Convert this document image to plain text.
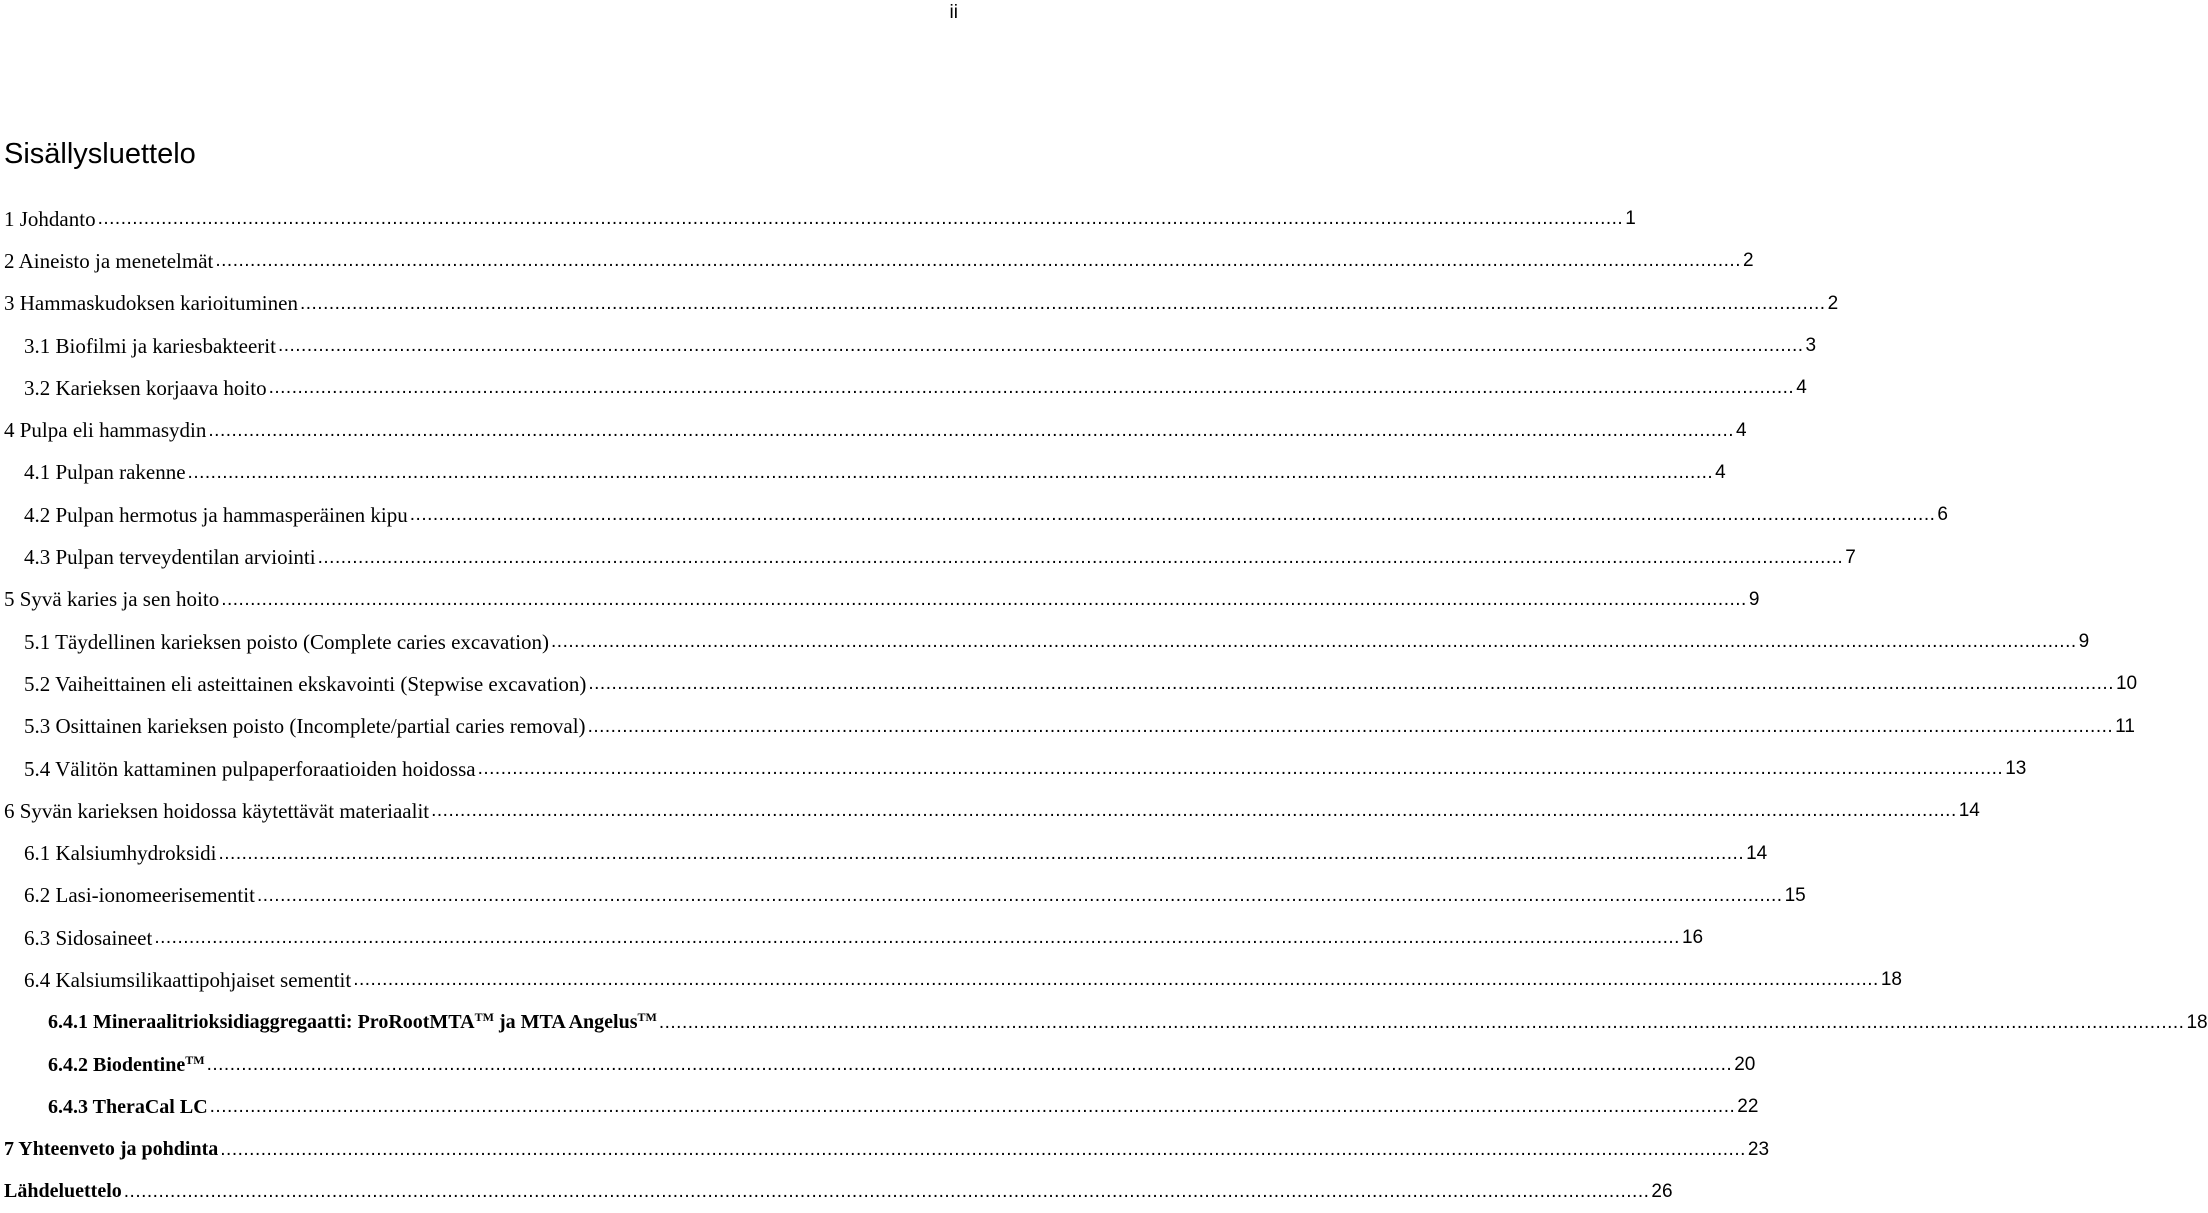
ii
Sisällysluettelo
1 Johdanto .....	1
2 Aineisto ja menetelmät .....	2
3 Hammaskudoksen karioituminen .....	2
3.1 Biofilmi ja kariesbakteerit .....	3
3.2 Karieksen korjaava hoito .....	4
4 Pulpa eli hammasydin .....	4
4.1 Pulpan rakenne .....	4
4.2 Pulpan hermotus ja hammasperäinen kipu .....	6
4.3 Pulpan terveydentilan arviointi .....	7
5 Syvä karies ja sen hoito .....	9
5.1 Täydellinen karieksen poisto (Complete caries excavation) .....	9
5.2 Vaiheittainen eli asteittainen ekskavointi (Stepwise excavation) .....	10
5.3 Osittainen karieksen poisto (Incomplete/partial caries removal) .....	11
5.4 Välitön kattaminen pulpaperforaatioiden hoidossa .....	13
6 Syvän karieksen hoidossa käytettävät materiaalit .....	14
6.1 Kalsiumhydroksidi .....	14
6.2 Lasi-ionomeerisementit .....	15
6.3 Sidosaineet .....	16
6.4 Kalsiumsilikaattipohjaiset sementit .....	18
6.4.1 Mineraalitrioksidiaggregaatti: ProRootMTA™ ja MTA Angelus™ .....	18
6.4.2 Biodentine™ .....	20
6.4.3 TheraCal LC .....	22
7 Yhteenveto ja pohdinta .....	23
Lähdeluettelo .....	26
